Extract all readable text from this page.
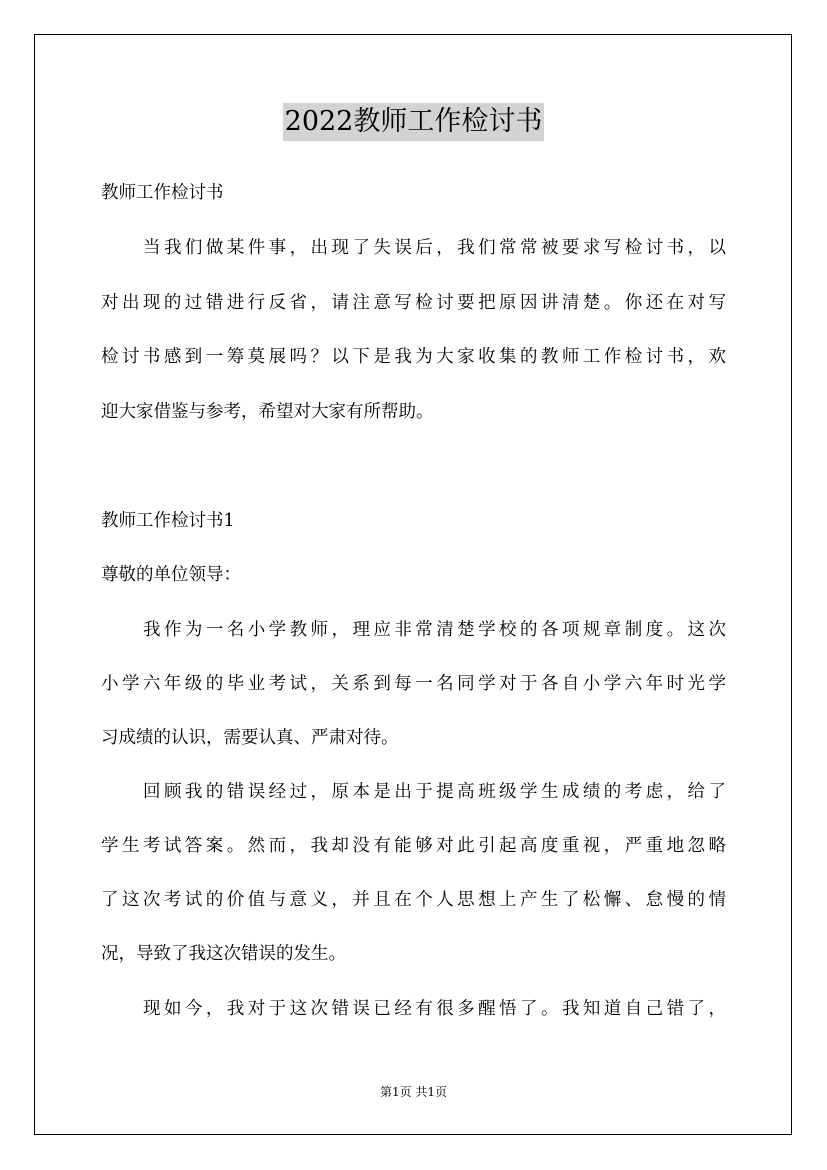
2022教师工作检讨书
教师工作检讨书
当我们做某件事，出现了失误后，我们常常被要求写检讨书，以
对出现的过错进行反省，请注意写检讨要把原因讲清楚。你还在对写
检讨书感到一筹莫展吗？以下是我为大家收集的教师工作检讨书，欢
迎大家借鉴与参考，希望对大家有所帮助。
教师工作检讨书1
尊敬的单位领导：
我作为一名小学教师，理应非常清楚学校的各项规章制度。这次
小学六年级的毕业考试，关系到每一名同学对于各自小学六年时光学
习成绩的认识，需要认真、严肃对待。
回顾我的错误经过，原本是出于提高班级学生成绩的考虑，给了
学生考试答案。然而，我却没有能够对此引起高度重视，严重地忽略
了这次考试的价值与意义，并且在个人思想上产生了松懈、怠慢的情
况，导致了我这次错误的发生。
现如今，我对于这次错误已经有很多醒悟了。我知道自己错了，
第1页 共1页
